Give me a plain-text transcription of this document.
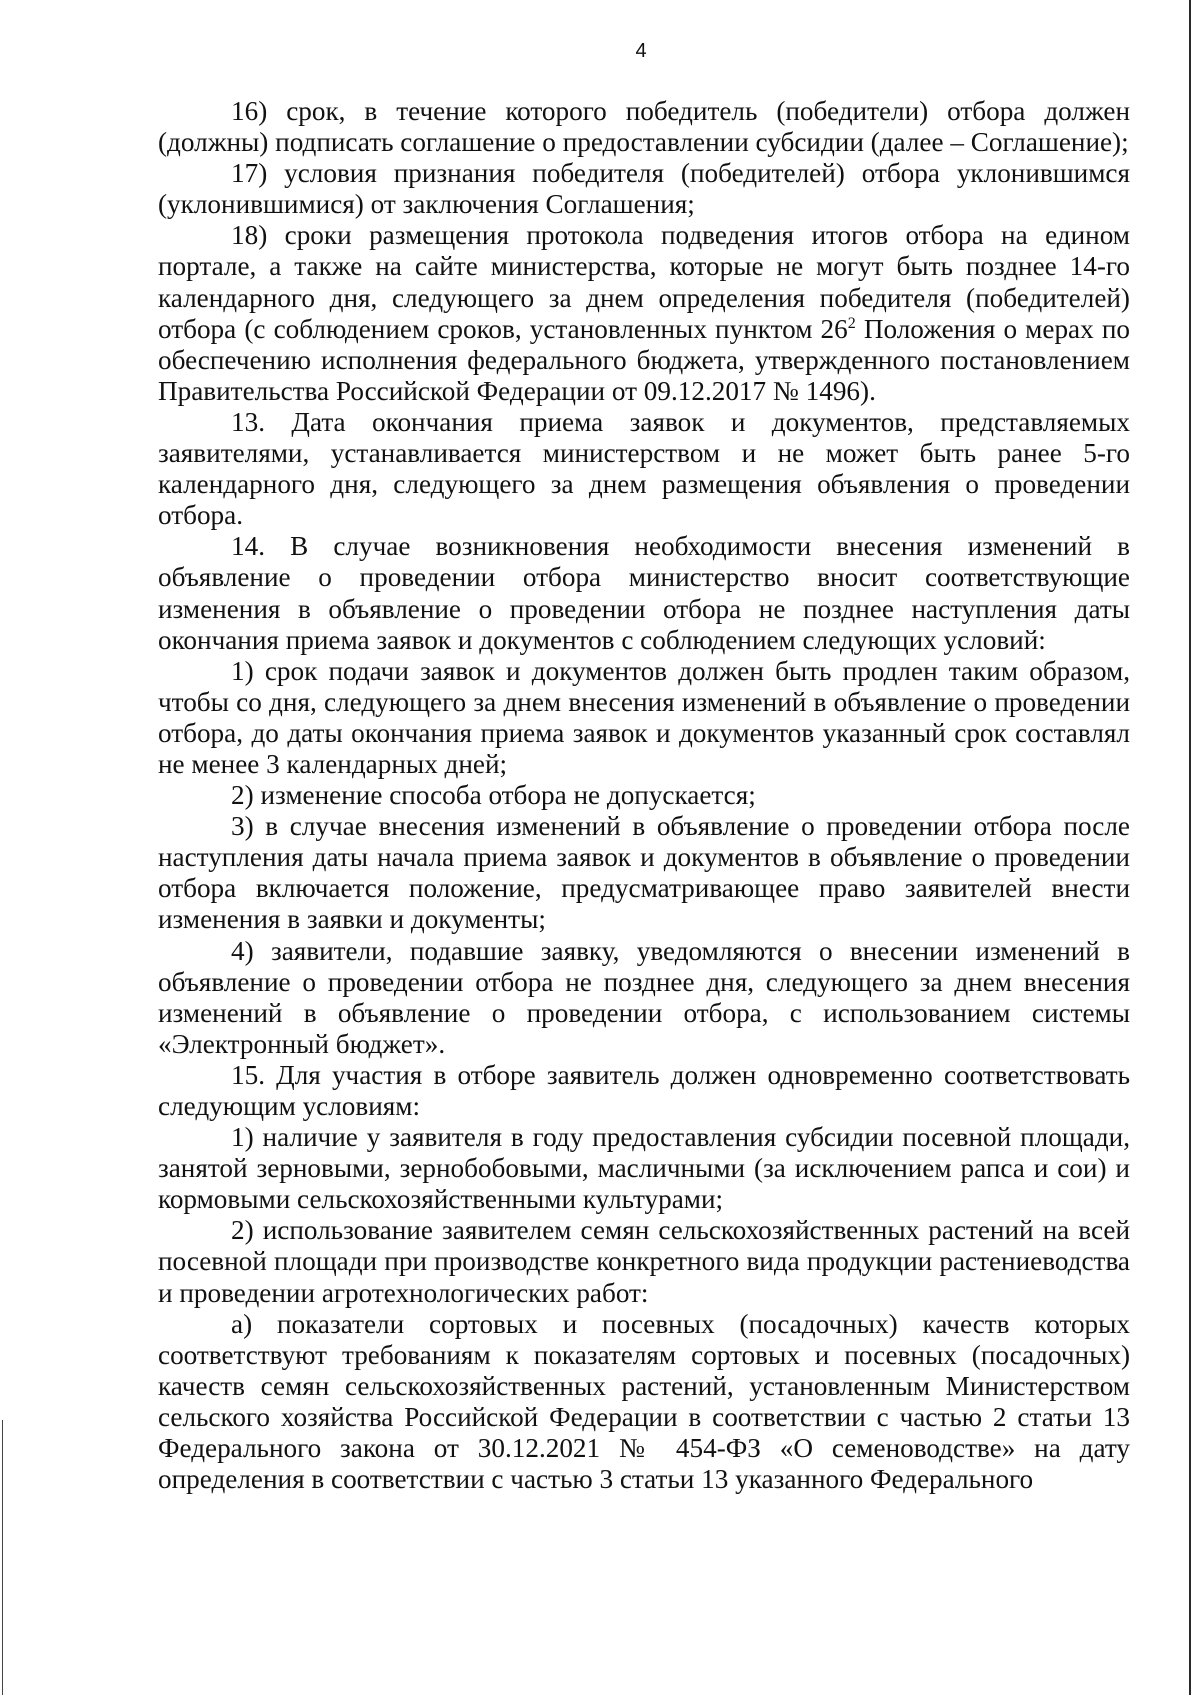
4

16) срок, в течение которого победитель (победители) отбора должен (должны) подписать соглашение о предоставлении субсидии (далее – Соглашение);

17) условия признания победителя (победителей) отбора уклонившимся (уклонившимися) от заключения Соглашения;

18) сроки размещения протокола подведения итогов отбора на едином портале, а также на сайте министерства, которые не могут быть позднее 14-го календарного дня, следующего за днем определения победителя (победителей) отбора (с соблюдением сроков, установленных пунктом $26^2$ Положения о мерах по обеспечению исполнения федерального бюджета, утвержденного постановлением Правительства Российской Федерации от 09.12.2017 № 1496).

13. Дата окончания приема заявок и документов, представляемых заявителями, устанавливается министерством и не может быть ранее 5-го календарного дня, следующего за днем размещения объявления о проведении отбора.

14. В случае возникновения необходимости внесения изменений в объявление о проведении отбора министерство вносит соответствующие изменения в объявление о проведении отбора не позднее наступления даты окончания приема заявок и документов с соблюдением следующих условий:

1) срок подачи заявок и документов должен быть продлен таким образом, чтобы со дня, следующего за днем внесения изменений в объявление о проведении отбора, до даты окончания приема заявок и документов указанный срок составлял не менее 3 календарных дней;

2) изменение способа отбора не допускается;

3) в случае внесения изменений в объявление о проведении отбора после наступления даты начала приема заявок и документов в объявление о проведении отбора включается положение, предусматривающее право заявителей внести изменения в заявки и документы;

4) заявители, подавшие заявку, уведомляются о внесении изменений в объявление о проведении отбора не позднее дня, следующего за днем внесения изменений в объявление о проведении отбора, с использованием системы «Электронный бюджет».

15. Для участия в отборе заявитель должен одновременно соответствовать следующим условиям:

1) наличие у заявителя в году предоставления субсидии посевной площади, занятой зерновыми, зернобобовыми, масличными (за исключением рапса и сои) и кормовыми сельскохозяйственными культурами;

2) использование заявителем семян сельскохозяйственных растений на всей посевной площади при производстве конкретного вида продукции растениеводства и проведении агротехнологических работ:

а) показатели сортовых и посевных (посадочных) качеств которых соответствуют требованиям к показателям сортовых и посевных (посадочных) качеств семян сельскохозяйственных растений, установленным Министерством сельского хозяйства Российской Федерации в соответствии с частью 2 статьи 13 Федерального закона от 30.12.2021 № 454-ФЗ «О семеноводстве» на дату определения в соответствии с частью 3 статьи 13 указанного Федерального
